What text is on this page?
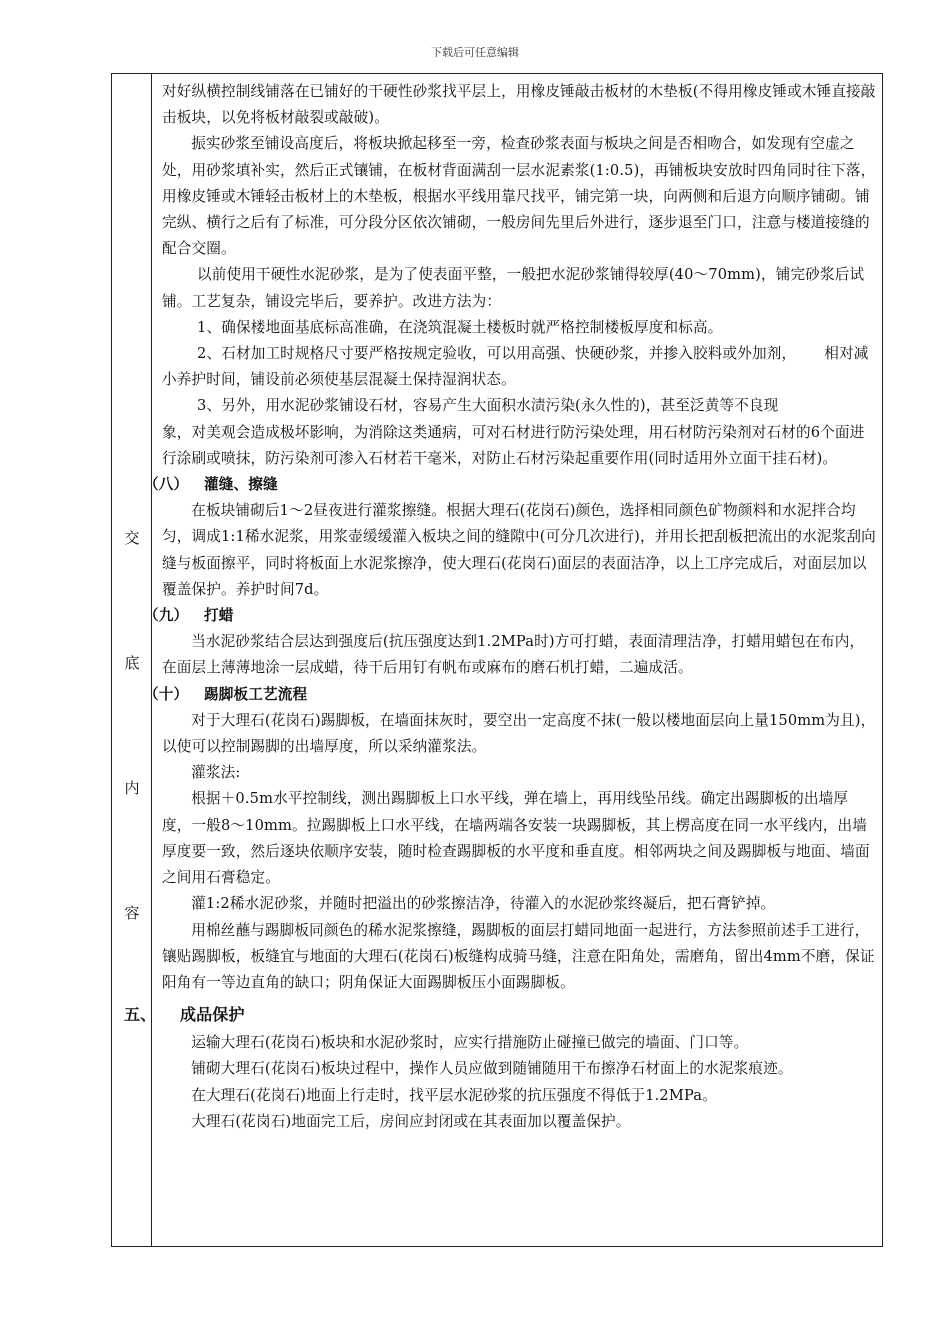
下载后可任意编辑
交
底
内
容

对好纵横控制线铺落在已铺好的干硬性砂浆找平层上，用橡皮锤敲击板材的木垫板(不得用橡皮锤或木锤直接敲击板块，以免将板材敲裂或敲破)。

振实砂浆至铺设高度后，将板块掀起移至一旁，检查砂浆表面与板块之间是否相吻合，如发现有空虚之处，用砂浆填补实，然后正式镶铺，在板材背面满刮一层水泥素浆(1:0.5)，再铺板块安放时四角同时往下落，用橡皮锤或木锤轻击板材上的木垫板，根据水平线用靠尺找平，铺完第一块，向两侧和后退方向顺序铺砌。铺完纵、横行之后有了标准，可分段分区依次铺砌，一般房间先里后外进行，逐步退至门口，注意与楼道接缝的配合交圈。

以前使用干硬性水泥砂浆，是为了使表面平整，一般把水泥砂浆铺得较厚(40～70mm)，铺完砂浆后试铺。工艺复杂，铺设完毕后，要养护。改进方法为：

1、确保楼地面基底标高准确，在浇筑混凝土楼板时就严格控制楼板厚度和标高。

2、石材加工时规格尺寸要严格按规定验收，可以用高强、快硬砂浆，并掺入胶料或外加剂， 相对减小养护时间，铺设前必须使基层混凝土保持湿润状态。

3、另外，用水泥砂浆铺设石材，容易产生大面积水渍污染(永久性的)，甚至泛黄等不良现象，对美观会造成极坏影响，为消除这类通病，可对石材进行防污染处理，用石材防污染剂对石材的6个面进行涂刷或喷抹，防污染剂可渗入石材若干毫米，对防止石材污染起重要作用(同时适用外立面干挂石材)。

（八） 灌缝、擦缝

在板块铺砌后1～2昼夜进行灌浆擦缝。根据大理石(花岗石)颜色，选择相同颜色矿物颜料和水泥拌合均匀，调成1:1稀水泥浆，用浆壶缓缓灌入板块之间的缝隙中(可分几次进行)，并用长把刮板把流出的水泥浆刮向缝与板面擦平，同时将板面上水泥浆擦净，使大理石(花岗石)面层的表面洁净，以上工序完成后，对面层加以覆盖保护。养护时间7d。

（九） 打蜡

当水泥砂浆结合层达到强度后(抗压强度达到1.2MPa时)方可打蜡，表面清理洁净，打蜡用蜡包在布内，在面层上薄薄地涂一层成蜡，待干后用钉有帆布或麻布的磨石机打蜡，二遍成活。

（十） 踢脚板工艺流程

对于大理石(花岗石)踢脚板，在墙面抹灰时，要空出一定高度不抹(一般以楼地面层向上量150mm为且)，以使可以控制踢脚的出墙厚度，所以采纳灌浆法。

灌浆法:

根据＋0.5m水平控制线，测出踢脚板上口水平线，弹在墙上，再用线坠吊线。确定出踢脚板的出墙厚度，一般8～10mm。拉踢脚板上口水平线，在墙两端各安装一块踢脚板，其上楞高度在同一水平线内，出墙厚度要一致，然后逐块依顺序安装，随时检查踢脚板的水平度和垂直度。相邻两块之间及踢脚板与地面、墙面之间用石膏稳定。

灌1:2稀水泥砂浆，并随时把溢出的砂浆擦洁净，待灌入的水泥砂浆终凝后，把石膏铲掉。

用棉丝蘸与踢脚板同颜色的稀水泥浆擦缝，踢脚板的面层打蜡同地面一起进行，方法参照前述手工进行，镶贴踢脚板，板缝宜与地面的大理石(花岗石)板缝构成骑马缝，注意在阳角处，需磨角，留出4mm不磨，保证阳角有一等边直角的缺口；阴角保证大面踢脚板压小面踢脚板。

五、 成品保护

运输大理石(花岗石)板块和水泥砂浆时，应实行措施防止碰撞已做完的墙面、门口等。

铺砌大理石(花岗石)板块过程中，操作人员应做到随铺随用干布擦净石材面上的水泥浆痕迹。

在大理石(花岗石)地面上行走时，找平层水泥砂浆的抗压强度不得低于1.2MPa。

大理石(花岗石)地面完工后，房间应封闭或在其表面加以覆盖保护。
